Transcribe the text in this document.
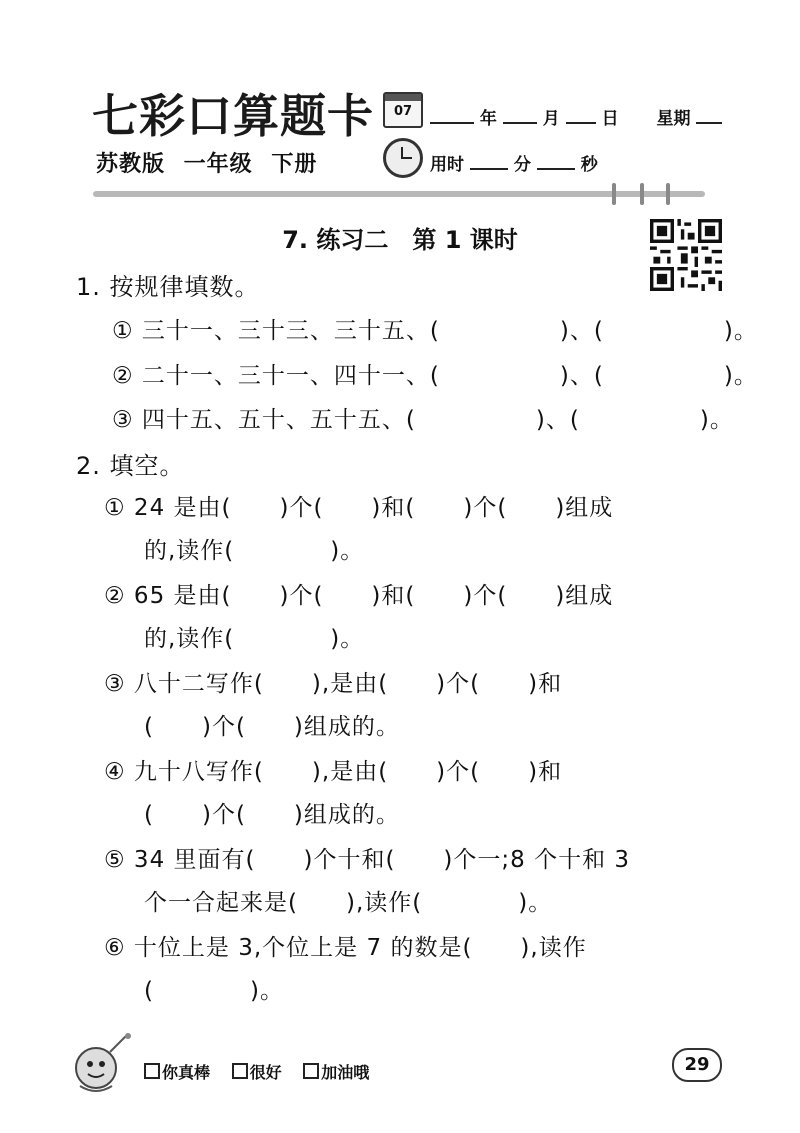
七彩口算题卡
苏教版 一年级 下册
07	年	月 日 星期
用时	分	秒
7. 练习二　第 1 课时
1. 按规律填数。
① 三十一、三十三、三十五、(　　　　　)、(　　　　　)。
② 二十一、三十一、四十一、(　　　　　)、(　　　　　)。
③ 四十五、五十、五十五、(　　　　　)、(　　　　　)。
2. 填空。
① 24 是由(　　)个(　　)和(　　)个(　　)组成
的,读作(　　　　)。
② 65 是由(　　)个(　　)和(　　)个(　　)组成
的,读作(　　　　)。
③ 八十二写作(　　),是由(　　)个(　　)和
(　　)个(　　)组成的。
④ 九十八写作(　　),是由(　　)个(　　)和
(　　)个(　　)组成的。
⑤ 34 里面有(　　)个十和(　　)个一;8 个十和 3
个一合起来是(　　),读作(　　　　)。
⑥ 十位上是 3,个位上是 7 的数是(　　),读作
(　　　　)。
你真棒 很好 加油哦	29
